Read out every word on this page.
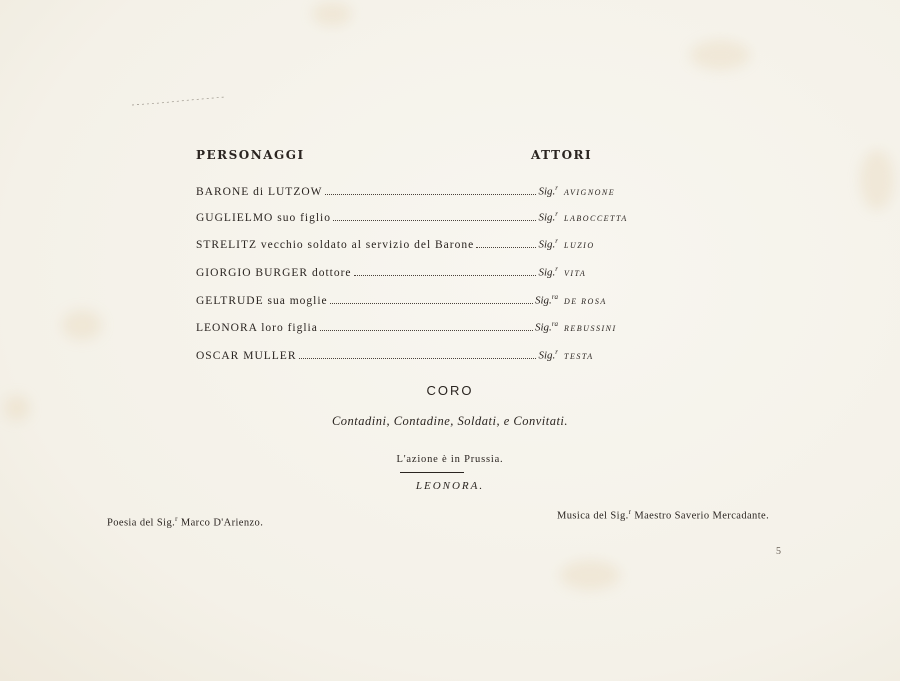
PERSONAGGI	ATTORI
BARONE di LUTZOW	Sig.$^r$ AVIGNONE
GUGLIELMO suo figlio	Sig.$^r$ LABOCCETTA
STRELITZ vecchio soldato al servizio del Barone	Sig.$^r$ LUZIO
GIORGIO BURGER dottore	Sig.$^r$ VITA
GELTRUDE sua moglie	Sig.$^{ra}$ DE ROSA
LEONORA loro figlia	Sig.$^{ra}$ REBUSSINI
OSCAR MULLER	Sig.$^r$ TESTA
CORO
Contadini, Contadine, Soldati, e Convitati.
L'azione è in Prussia.
LEONORA.
Poesia del Sig.$^r$ Marco D'Arienzo.
Musica del Sig.$^r$ Maestro Saverio Mercadante.
5
